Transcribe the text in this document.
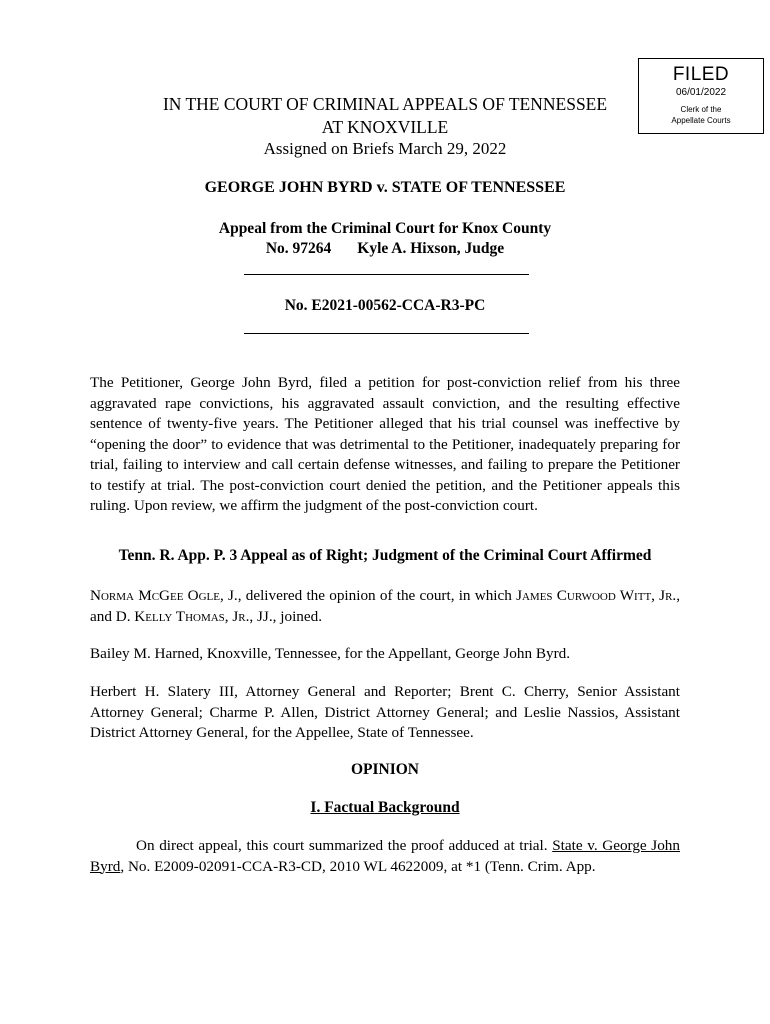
FILED
06/01/2022
Clerk of the
Appellate Courts
IN THE COURT OF CRIMINAL APPEALS OF TENNESSEE
AT KNOXVILLE
Assigned on Briefs March 29, 2022
GEORGE JOHN BYRD v. STATE OF TENNESSEE
Appeal from the Criminal Court for Knox County
No. 97264 Kyle A. Hixson, Judge
No. E2021-00562-CCA-R3-PC
The Petitioner, George John Byrd, filed a petition for post-conviction relief from his three aggravated rape convictions, his aggravated assault conviction, and the resulting effective sentence of twenty-five years. The Petitioner alleged that his trial counsel was ineffective by “opening the door” to evidence that was detrimental to the Petitioner, inadequately preparing for trial, failing to interview and call certain defense witnesses, and failing to prepare the Petitioner to testify at trial. The post-conviction court denied the petition, and the Petitioner appeals this ruling. Upon review, we affirm the judgment of the post-conviction court.
Tenn. R. App. P. 3 Appeal as of Right; Judgment of the Criminal Court Affirmed
Norma McGee Ogle, J., delivered the opinion of the court, in which James Curwood Witt, Jr., and D. Kelly Thomas, Jr., JJ., joined.
Bailey M. Harned, Knoxville, Tennessee, for the Appellant, George John Byrd.
Herbert H. Slatery III, Attorney General and Reporter; Brent C. Cherry, Senior Assistant Attorney General; Charme P. Allen, District Attorney General; and Leslie Nassios, Assistant District Attorney General, for the Appellee, State of Tennessee.
OPINION
I. Factual Background
On direct appeal, this court summarized the proof adduced at trial. State v. George John Byrd, No. E2009-02091-CCA-R3-CD, 2010 WL 4622009, at *1 (Tenn. Crim. App.
